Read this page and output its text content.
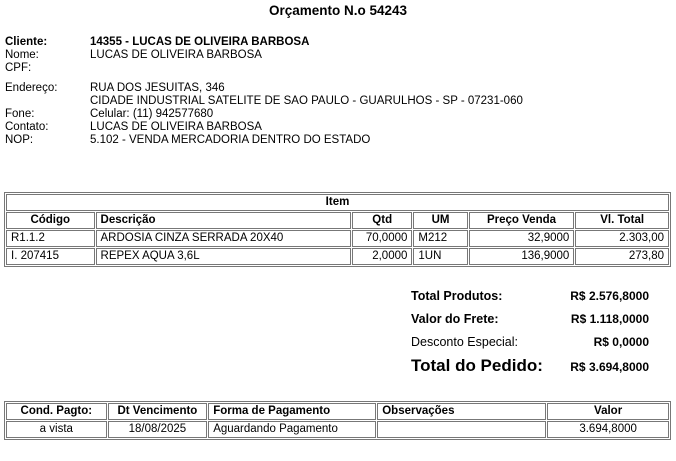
Orçamento N.o 54243
Cliente:	14355 - LUCAS DE OLIVEIRA BARBOSA
Nome:	LUCAS DE OLIVEIRA BARBOSA
CPF:
Endereço:	RUA DOS JESUITAS, 346
CIDADE INDUSTRIAL SATELITE DE SAO PAULO - GUARULHOS - SP - 07231-060
Fone:	Celular: (11) 942577680
Contato:	LUCAS DE OLIVEIRA BARBOSA
NOP:	5.102 - VENDA MERCADORIA DENTRO DO ESTADO
Item					
Código	Descrição	Qtd	UM	Preço Venda	Vl. Total
R1.1.2	ARDOSIA CINZA SERRADA 20X40	70,0000	M212	32,9000	2.303,00
I. 207415	REPEX AQUA 3,6L	2,0000	1UN	136,9000	273,80
Total Produtos:	R$ 2.576,8000
Valor do Frete:	R$ 1.118,0000
Desconto Especial:	R$ 0,0000
Total do Pedido: R$ 3.694,8000
Cond. Pagto:	Dt Vencimento	Forma de Pagamento	Observações	Valor
a vista	18/08/2025	Aguardando Pagamento		3.694,8000
